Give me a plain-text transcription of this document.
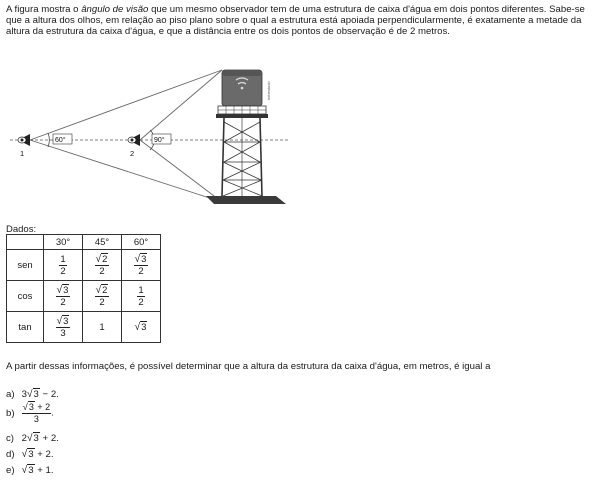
A figura mostra o ângulo de visão que um mesmo observador tem de uma estrutura de caixa d'água em dois pontos diferentes. Sabe-se que a altura dos olhos, em relação ao piso plano sobre o qual a estrutura está apoiada perpendicularmente, é exatamente a metade da altura da estrutura da caixa d'água, e que a distância entre os dois pontos de observação é de 2 metros.

60°	90°
1	2
Infoestudo
Dados:
	30°	45°	60°
sen	$\frac{1}{2}$	$\frac{√2}{2}$	$\frac{√3}{2}$

cos	$\frac{√3}{2}$	$\frac{√2}{2}$	$\frac{1}{2}$

tan	$\frac{√3}{3}$	1	√3

A partir dessas informações, é possível determinar que a altura da estrutura da caixa d'água, em metros, é igual a

a) 3√3 − 2.
$b) \frac{√3 + 2}{3}$ .
c) 2√3 + 2.
d) √3 + 2.
e) √3 + 1.
